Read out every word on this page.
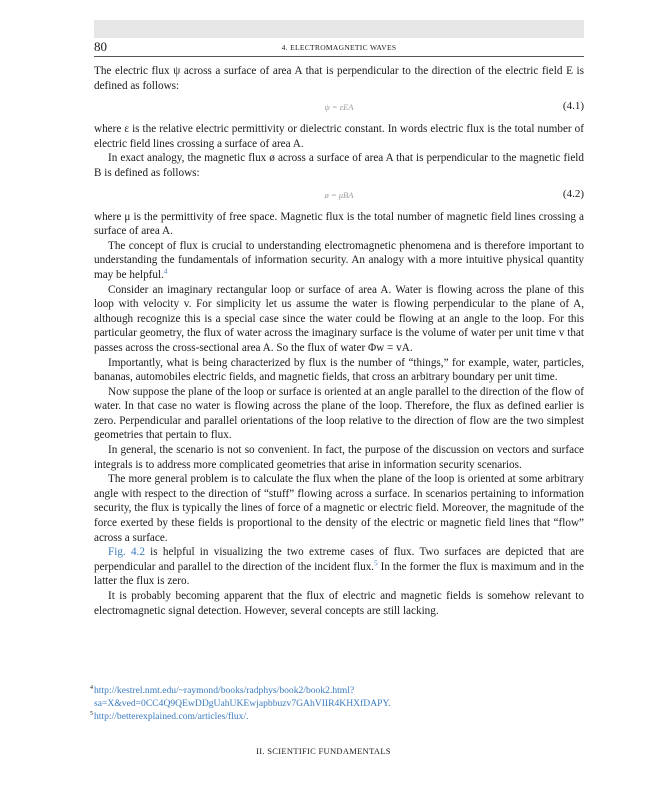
80	4. ELECTROMAGNETIC WAVES

The electric flux ψ across a surface of area A that is perpendicular to the direction of the electric field E is defined as follows:

ψ = εEA	(4.1)

where ε is the relative electric permittivity or dielectric constant. In words electric flux is the total number of electric field lines crossing a surface of area A.

In exact analogy, the magnetic flux ø across a surface of area A that is perpendicular to the magnetic field B is defined as follows:

ø = μBA	(4.2)

where μ is the permittivity of free space. Magnetic flux is the total number of magnetic field lines crossing a surface of area A.

The concept of flux is crucial to understanding electromagnetic phenomena and is therefore important to understanding the fundamentals of information security. An analogy with a more intuitive physical quantity may be helpful.$^4$

Consider an imaginary rectangular loop or surface of area A. Water is flowing across the plane of this loop with velocity v. For simplicity let us assume the water is flowing perpendicular to the plane of A, although recognize this is a special case since the water could be flowing at an angle to the loop. For this particular geometry, the flux of water across the imaginary surface is the volume of water per unit time v that passes across the cross-sectional area A. So the flux of water Φw = vA.

Importantly, what is being characterized by flux is the number of “things,” for example, water, particles, bananas, automobiles electric fields, and magnetic fields, that cross an arbitrary boundary per unit time.

Now suppose the plane of the loop or surface is oriented at an angle parallel to the direction of the flow of water. In that case no water is flowing across the plane of the loop. Therefore, the flux as defined earlier is zero. Perpendicular and parallel orientations of the loop relative to the direction of flow are the two simplest geometries that pertain to flux.

In general, the scenario is not so convenient. In fact, the purpose of the discussion on vectors and surface integrals is to address more complicated geometries that arise in information security scenarios.

The more general problem is to calculate the flux when the plane of the loop is oriented at some arbitrary angle with respect to the direction of “stuff” flowing across a surface. In scenarios pertaining to information security, the flux is typically the lines of force of a magnetic or electric field. Moreover, the magnitude of the force exerted by these fields is proportional to the density of the electric or magnetic field lines that “flow” across a surface.

Fig. 4.2 is helpful in visualizing the two extreme cases of flux. Two surfaces are depicted that are perpendicular and parallel to the direction of the incident flux.$^5$ In the former the flux is maximum and in the latter the flux is zero.

It is probably becoming apparent that the flux of electric and magnetic fields is somehow relevant to electromagnetic signal detection. However, several concepts are still lacking.

4 http://kestrel.nmt.edu/~raymond/books/radphys/book2/book2.html?sa=X&ved=0CC4Q9QEwDDgUahUKEwjapbbuzv7GAhVIIR4KHXfDAPY.
5 http://betterexplained.com/articles/flux/.
II. SCIENTIFIC FUNDAMENTALS
